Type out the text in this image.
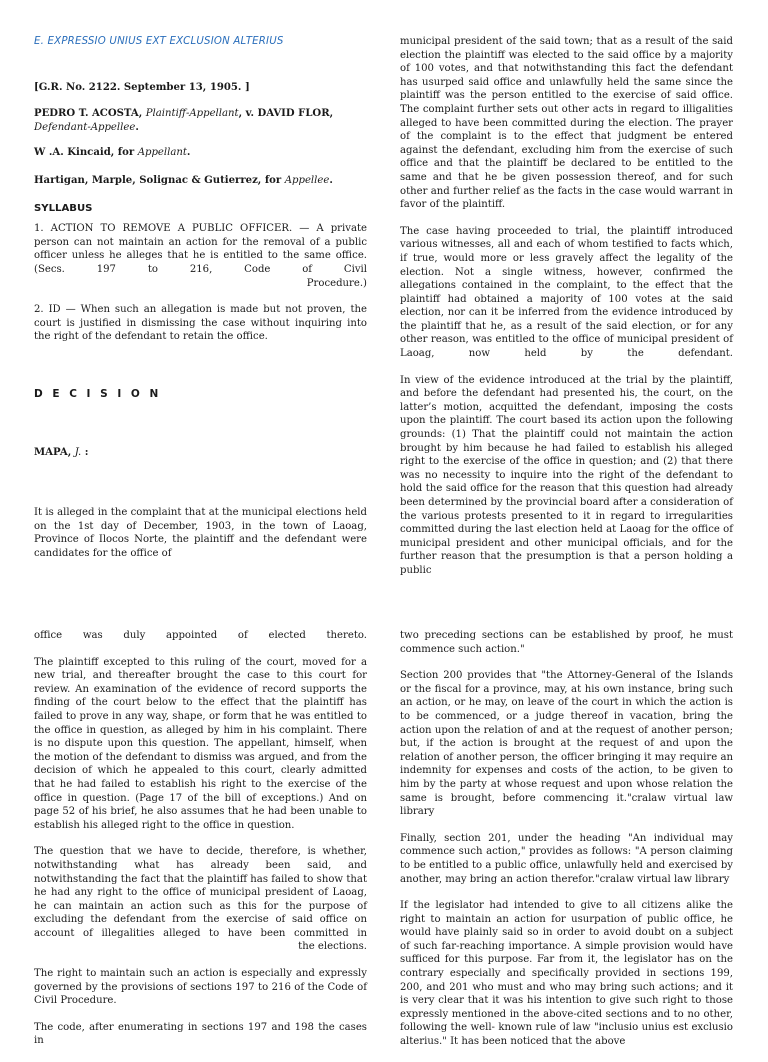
E. EXPRESSIO UNIUS EXT EXCLUSION ALTERIUS
[G.R. No. 2122. September 13, 1905. ]
PEDRO T. ACOSTA, Plaintiff-Appellant, v. DAVID FLOR, Defendant-Appellee.
W .A. Kincaid, for Appellant.
Hartigan, Marple, Solignac & Gutierrez, for Appellee.
SYLLABUS
1. ACTION TO REMOVE A PUBLIC OFFICER. — A private person can not maintain an action for the removal of a public officer unless he alleges that he is entitled to the same office. (Secs. 197 to 216, Code of Civil
Procedure.)
2. ID — When such an allegation is made but not proven, the court is justified in dismissing the case without inquiring into the right of the defendant to retain the office.
D E C I S I O N
MAPA, J. :
It is alleged in the complaint that at the municipal elections held on the 1st day of December, 1903, in the town of Laoag, Province of Ilocos Norte, the plaintiff and the defendant were candidates for the office of

municipal president of the said town; that as a result of the said election the plaintiff was elected to the said office by a majority of 100 votes, and that notwithstanding this fact the defendant has usurped said office and unlawfully held the same since the plaintiff was the person entitled to the exercise of said office. The complaint further sets out other acts in regard to illigalities alleged to have been committed during the election. The prayer of the complaint is to the effect that judgment be entered against the defendant, excluding him from the exercise of such office and that the plaintiff be declared to be entitled to the same and that he be given possession thereof, and for such other and further relief as the facts in the case would warrant in favor of the plaintiff.

The case having proceeded to trial, the plaintiff introduced various witnesses, all and each of whom testified to facts which, if true, would more or less gravely affect the legality of the election. Not a single witness, however, confirmed the allegations contained in the complaint, to the effect that the plaintiff had obtained a majority of 100 votes at the said election, nor can it be inferred from the evidence introduced by the plaintiff that he, as a result of the said election, or for any other reason, was entitled to the office of municipal president of
Laoag, now held by the defendant.

In view of the evidence introduced at the trial by the plaintiff, and before the defendant had presented his, the court, on the latter’s motion, acquitted the defendant, imposing the costs upon the plaintiff. The court based its action upon the following grounds: (1) That the plaintiff could not maintain the action brought by him because he had failed to establish his alleged right to the exercise of the office in question; and (2) that there was no necessity to inquire into the right of the defendant to hold the said office for the reason that this question had already been determined by the provincial board after a consideration of the various protests presented to it in regard to irregularities committed during the last election held at Laoag for the office of municipal president and other municipal officials, and for the further reason that the presumption is that a person holding a public

office was duly appointed of elected thereto.

The plaintiff excepted to this ruling of the court, moved for a new trial, and thereafter brought the case to this court for review. An examination of the evidence of record supports the finding of the court below to the effect that the plaintiff has failed to prove in any way, shape, or form that he was entitled to the office in question, as alleged by him in his complaint. There is no dispute upon this question. The appellant, himself, when the motion of the defendant to dismiss was argued, and from the decision of which he appealed to this court, clearly admitted that he had failed to establish his right to the exercise of the office in question. (Page 17 of the bill of exceptions.) And on page 52 of his brief, he also assumes that he had been unable to establish his alleged right to the office in question.

The question that we have to decide, therefore, is whether, notwithstanding what has already been said, and notwithstanding the fact that the plaintiff has failed to show that he had any right to the office of municipal president of Laoag, he can maintain an action such as this for the purpose of excluding the defendant from the exercise of said office on account of illegalities alleged to have been committed in
the elections.

The right to maintain such an action is especially and expressly governed by the provisions of sections 197 to 216 of the Code of Civil Procedure.

The code, after enumerating in sections 197 and 198 the cases in

two preceding sections can be established by proof, he must commence such action."

Section 200 provides that "the Attorney-General of the Islands or the fiscal for a province, may, at his own instance, bring such an action, or he may, on leave of the court in which the action is to be commenced, or a judge thereof in vacation, bring the action upon the relation of and at the request of another person; but, if the action is brought at the request of and upon the relation of another person, the officer bringing it may require an indemnity for expenses and costs of the action, to be given to him by the party at whose request and upon whose relation the same is brought, before commencing it."cralaw virtual law library

Finally, section 201, under the heading "An individual may commence such action," provides as follows: "A person claiming to be entitled to a public office, unlawfully held and exercised by another, may bring an action therefor."cralaw virtual law library

If the legislator had intended to give to all citizens alike the right to maintain an action for usurpation of public office, he would have plainly said so in order to avoid doubt on a subject of such far-reaching importance. A simple provision would have sufficed for this purpose. Far from it, the legislator has on the contrary especially and specifically provided in sections 199, 200, and 201 who must and who may bring such actions; and it is very clear that it was his intention to give such right to those expressly mentioned in the above-cited sections and to no other, following the well- known rule of law "inclusio unius est exclusio alterius." It has been noticed that the above
